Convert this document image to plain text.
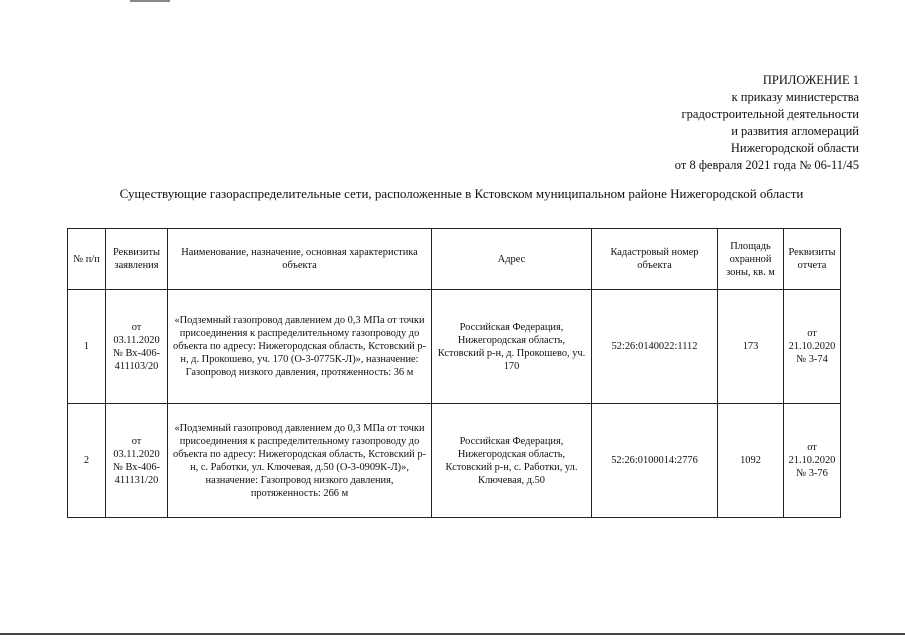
ПРИЛОЖЕНИЕ 1
к приказу министерства
градостроительной деятельности
и развития агломераций
Нижегородской области
от 8 февраля 2021 года № 06-11/45
Существующие газораспределительные сети, расположенные в Кстовском муниципальном районе Нижегородской области
№ п/п	Реквизиты заявления	Наименование, назначение, основная характеристика объекта	Адрес	Кадастровый номер объекта	Площадь охранной зоны, кв. м	Реквизиты отчета
1	от 03.11.2020 № Вх-406-411103/20	«Подземный газопровод давлением до 0,3 МПа от точки присоединения к распределительному газопроводу до объекта по адресу: Нижегородская область, Кстовский р-н, д. Прокошево, уч. 170 (О-3-0775К-Л)», назначение: Газопровод низкого давления, протяженность: 36 м	Российская Федерация, Нижегородская область, Кстовский р-н, д. Прокошево, уч. 170	52:26:0140022:1112	173	от 21.10.2020 № 3-74
2	от 03.11.2020 № Вх-406-411131/20	«Подземный газопровод давлением до 0,3 МПа от точки присоединения к распределительному газопроводу до объекта по адресу: Нижегородская область, Кстовский р-н, с. Работки, ул. Ключевая, д.50 (О-3-0909К-Л)», назначение: Газопровод низкого давления, протяженность: 266 м	Российская Федерация, Нижегородская область, Кстовский р-н, с. Работки, ул. Ключевая, д.50	52:26:0100014:2776	1092	от 21.10.2020 № 3-76
